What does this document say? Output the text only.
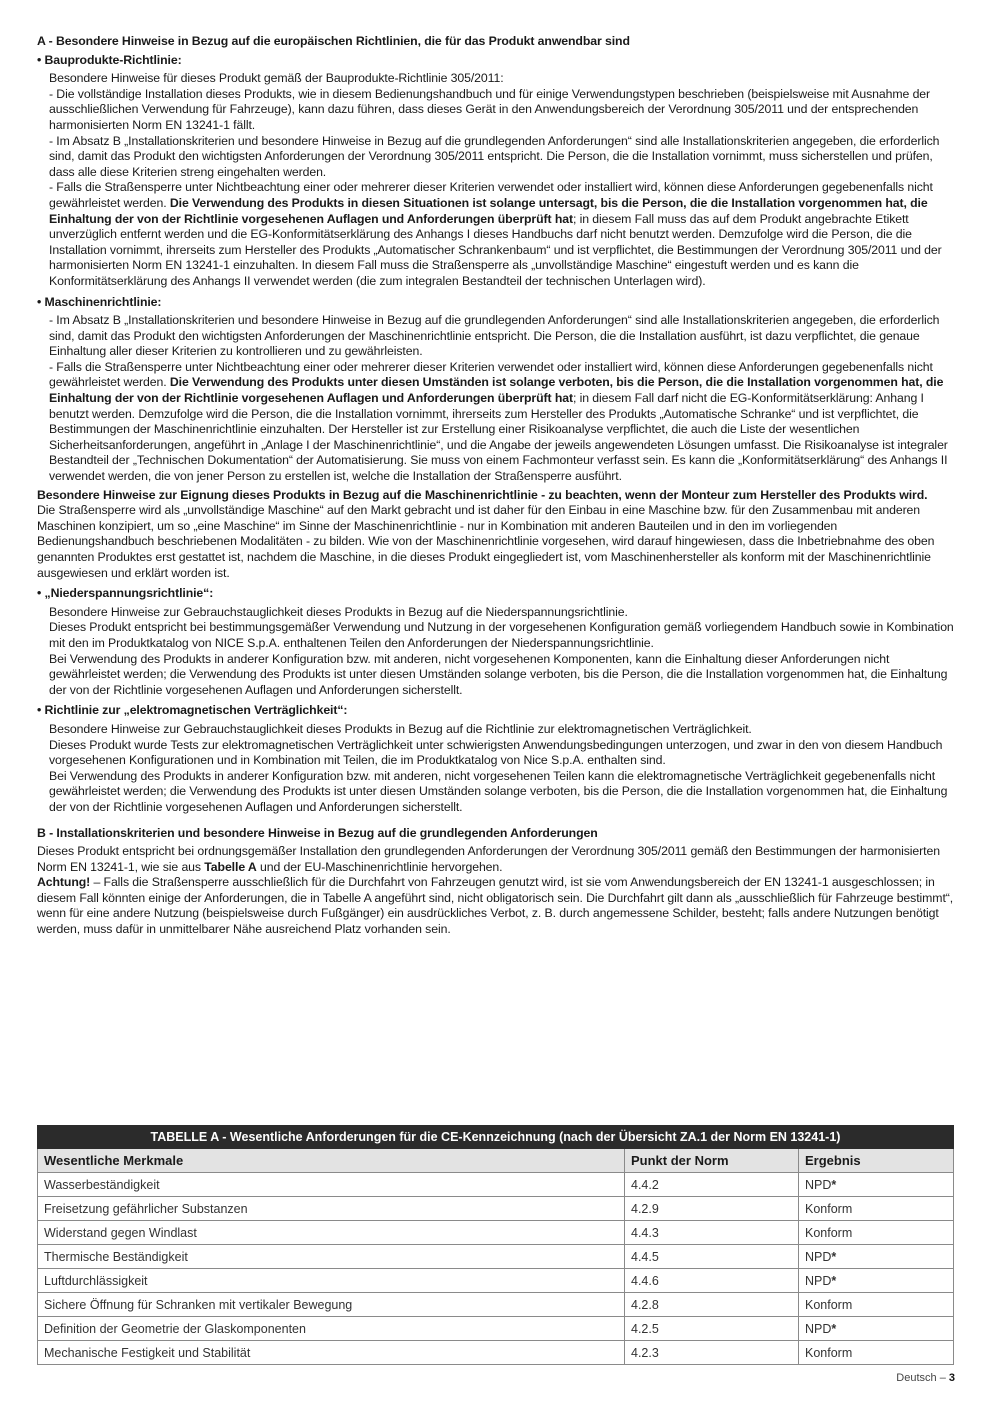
A - Besondere Hinweise in Bezug auf die europäischen Richtlinien, die für das Produkt anwendbar sind

• Bauprodukte-Richtlinie:

Besondere Hinweise für dieses Produkt gemäß der Bauprodukte-Richtlinie 305/2011:

- Die vollständige Installation dieses Produkts, wie in diesem Bedienungshandbuch und für einige Verwendungstypen beschrieben (beispielsweise mit Ausnahme der ausschließlichen Verwendung für Fahrzeuge), kann dazu führen, dass dieses Gerät in den Anwendungsbereich der Verordnung 305/2011 und der entsprechenden harmonisierten Norm EN 13241-1 fällt.

- Im Absatz B „Installationskriterien und besondere Hinweise in Bezug auf die grundlegenden Anforderungen“ sind alle Installationskriterien angegeben, die erforderlich sind, damit das Produkt den wichtigsten Anforderungen der Verordnung 305/2011 entspricht. Die Person, die die Installation vornimmt, muss sicherstellen und prüfen, dass alle diese Kriterien streng eingehalten werden.

- Falls die Straßensperre unter Nichtbeachtung einer oder mehrerer dieser Kriterien verwendet oder installiert wird, können diese Anforderungen gegebenenfalls nicht gewährleistet werden. Die Verwendung des Produkts in diesen Situationen ist solange untersagt, bis die Person, die die Installation vorgenommen hat, die Einhaltung der von der Richtlinie vorgesehenen Auflagen und Anforderungen überprüft hat; in diesem Fall muss das auf dem Produkt angebrachte Etikett unverzüglich entfernt werden und die EG-Konformitätserklärung des Anhangs I dieses Handbuchs darf nicht benutzt werden. Demzufolge wird die Person, die die Installation vornimmt, ihrerseits zum Hersteller des Produkts „Automatischer Schrankenbaum“ und ist verpflichtet, die Bestimmungen der Verordnung 305/2011 und der harmonisierten Norm EN 13241-1 einzuhalten. In diesem Fall muss die Straßensperre als „unvollständige Maschine“ eingestuft werden und es kann die Konformitätserklärung des Anhangs II verwendet werden (die zum integralen Bestandteil der technischen Unterlagen wird).

• Maschinenrichtlinie:

- Im Absatz B „Installationskriterien und besondere Hinweise in Bezug auf die grundlegenden Anforderungen“ sind alle Installationskriterien angegeben, die erforderlich sind, damit das Produkt den wichtigsten Anforderungen der Maschinenrichtlinie entspricht. Die Person, die die Installation ausführt, ist dazu verpflichtet, die genaue Einhaltung aller dieser Kriterien zu kontrollieren und zu gewährleisten.

- Falls die Straßensperre unter Nichtbeachtung einer oder mehrerer dieser Kriterien verwendet oder installiert wird, können diese Anforderungen gegebenenfalls nicht gewährleistet werden. Die Verwendung des Produkts unter diesen Umständen ist solange verboten, bis die Person, die die Installation vorgenommen hat, die Einhaltung der von der Richtlinie vorgesehenen Auflagen und Anforderungen überprüft hat; in diesem Fall darf nicht die EG-Konformitätserklärung: Anhang I benutzt werden. Demzufolge wird die Person, die die Installation vornimmt, ihrerseits zum Hersteller des Produkts „Automatische Schranke“ und ist verpflichtet, die Bestimmungen der Maschinenrichtlinie einzuhalten. Der Hersteller ist zur Erstellung einer Risikoanalyse verpflichtet, die auch die Liste der wesentlichen Sicherheitsanforderungen, angeführt in „Anlage I der Maschinenrichtlinie“, und die Angabe der jeweils angewendeten Lösungen umfasst. Die Risikoanalyse ist integraler Bestandteil der „Technischen Dokumentation“ der Automatisierung. Sie muss von einem Fachmonteur verfasst sein. Es kann die „Konformitätserklärung“ des Anhangs II verwendet werden, die von jener Person zu erstellen ist, welche die Installation der Straßensperre ausführt.

Besondere Hinweise zur Eignung dieses Produkts in Bezug auf die Maschinenrichtlinie - zu beachten, wenn der Monteur zum Hersteller des Produkts wird.

Die Straßensperre wird als „unvollständige Maschine“ auf den Markt gebracht und ist daher für den Einbau in eine Maschine bzw. für den Zusammenbau mit anderen Maschinen konzipiert, um so „eine Maschine“ im Sinne der Maschinenrichtlinie - nur in Kombination mit anderen Bauteilen und in den im vorliegenden Bedienungshandbuch beschriebenen Modalitäten - zu bilden. Wie von der Maschinenrichtlinie vorgesehen, wird darauf hingewiesen, dass die Inbetriebnahme des oben genannten Produktes erst gestattet ist, nachdem die Maschine, in die dieses Produkt eingegliedert ist, vom Maschinenhersteller als konform mit der Maschinenrichtlinie ausgewiesen und erklärt worden ist.

• „Niederspannungsrichtlinie“:

Besondere Hinweise zur Gebrauchstauglichkeit dieses Produkts in Bezug auf die Niederspannungsrichtlinie.

Dieses Produkt entspricht bei bestimmungsgemäßer Verwendung und Nutzung in der vorgesehenen Konfiguration gemäß vorliegendem Handbuch sowie in Kombination mit den im Produktkatalog von NICE S.p.A. enthaltenen Teilen den Anforderungen der Niederspannungsrichtlinie.

Bei Verwendung des Produkts in anderer Konfiguration bzw. mit anderen, nicht vorgesehenen Komponenten, kann die Einhaltung dieser Anforderungen nicht gewährleistet werden; die Verwendung des Produkts ist unter diesen Umständen solange verboten, bis die Person, die die Installation vorgenommen hat, die Einhaltung der von der Richtlinie vorgesehenen Auflagen und Anforderungen sicherstellt.

• Richtlinie zur „elektromagnetischen Verträglichkeit“:

Besondere Hinweise zur Gebrauchstauglichkeit dieses Produkts in Bezug auf die Richtlinie zur elektromagnetischen Verträglichkeit.

Dieses Produkt wurde Tests zur elektromagnetischen Verträglichkeit unter schwierigsten Anwendungsbedingungen unterzogen, und zwar in den von diesem Handbuch vorgesehenen Konfigurationen und in Kombination mit Teilen, die im Produktkatalog von Nice S.p.A. enthalten sind.

Bei Verwendung des Produkts in anderer Konfiguration bzw. mit anderen, nicht vorgesehenen Teilen kann die elektromagnetische Verträglichkeit gegebenenfalls nicht gewährleistet werden; die Verwendung des Produkts ist unter diesen Umständen solange verboten, bis die Person, die die Installation vorgenommen hat, die Einhaltung der von der Richtlinie vorgesehenen Auflagen und Anforderungen sicherstellt.

B - Installationskriterien und besondere Hinweise in Bezug auf die grundlegenden Anforderungen

Dieses Produkt entspricht bei ordnungsgemäßer Installation den grundlegenden Anforderungen der Verordnung 305/2011 gemäß den Bestimmungen der harmonisierten Norm EN 13241-1, wie sie aus Tabelle A und der EU-Maschinenrichtlinie hervorgehen.

Achtung! – Falls die Straßensperre ausschließlich für die Durchfahrt von Fahrzeugen genutzt wird, ist sie vom Anwendungsbereich der EN 13241-1 ausgeschlossen; in diesem Fall könnten einige der Anforderungen, die in Tabelle A angeführt sind, nicht obligatorisch sein. Die Durchfahrt gilt dann als „ausschließlich für Fahrzeuge bestimmt“, wenn für eine andere Nutzung (beispielsweise durch Fußgänger) ein ausdrückliches Verbot, z. B. durch angemessene Schilder, besteht; falls andere Nutzungen benötigt werden, muss dafür in unmittelbarer Nähe ausreichend Platz vorhanden sein.

TABELLE A - Wesentliche Anforderungen für die CE-Kennzeichnung (nach der Übersicht ZA.1 der Norm EN 13241-1)		
Wesentliche Merkmale	Punkt der Norm	Ergebnis
Wasserbeständigkeit	4.4.2	NPD*
Freisetzung gefährlicher Substanzen	4.2.9	Konform
Widerstand gegen Windlast	4.4.3	Konform
Thermische Beständigkeit	4.4.5	NPD*
Luftdurchlässigkeit	4.4.6	NPD*
Sichere Öffnung für Schranken mit vertikaler Bewegung	4.2.8	Konform
Definition der Geometrie der Glaskomponenten	4.2.5	NPD*
Mechanische Festigkeit und Stabilität	4.2.3	Konform
Deutsch – 3
